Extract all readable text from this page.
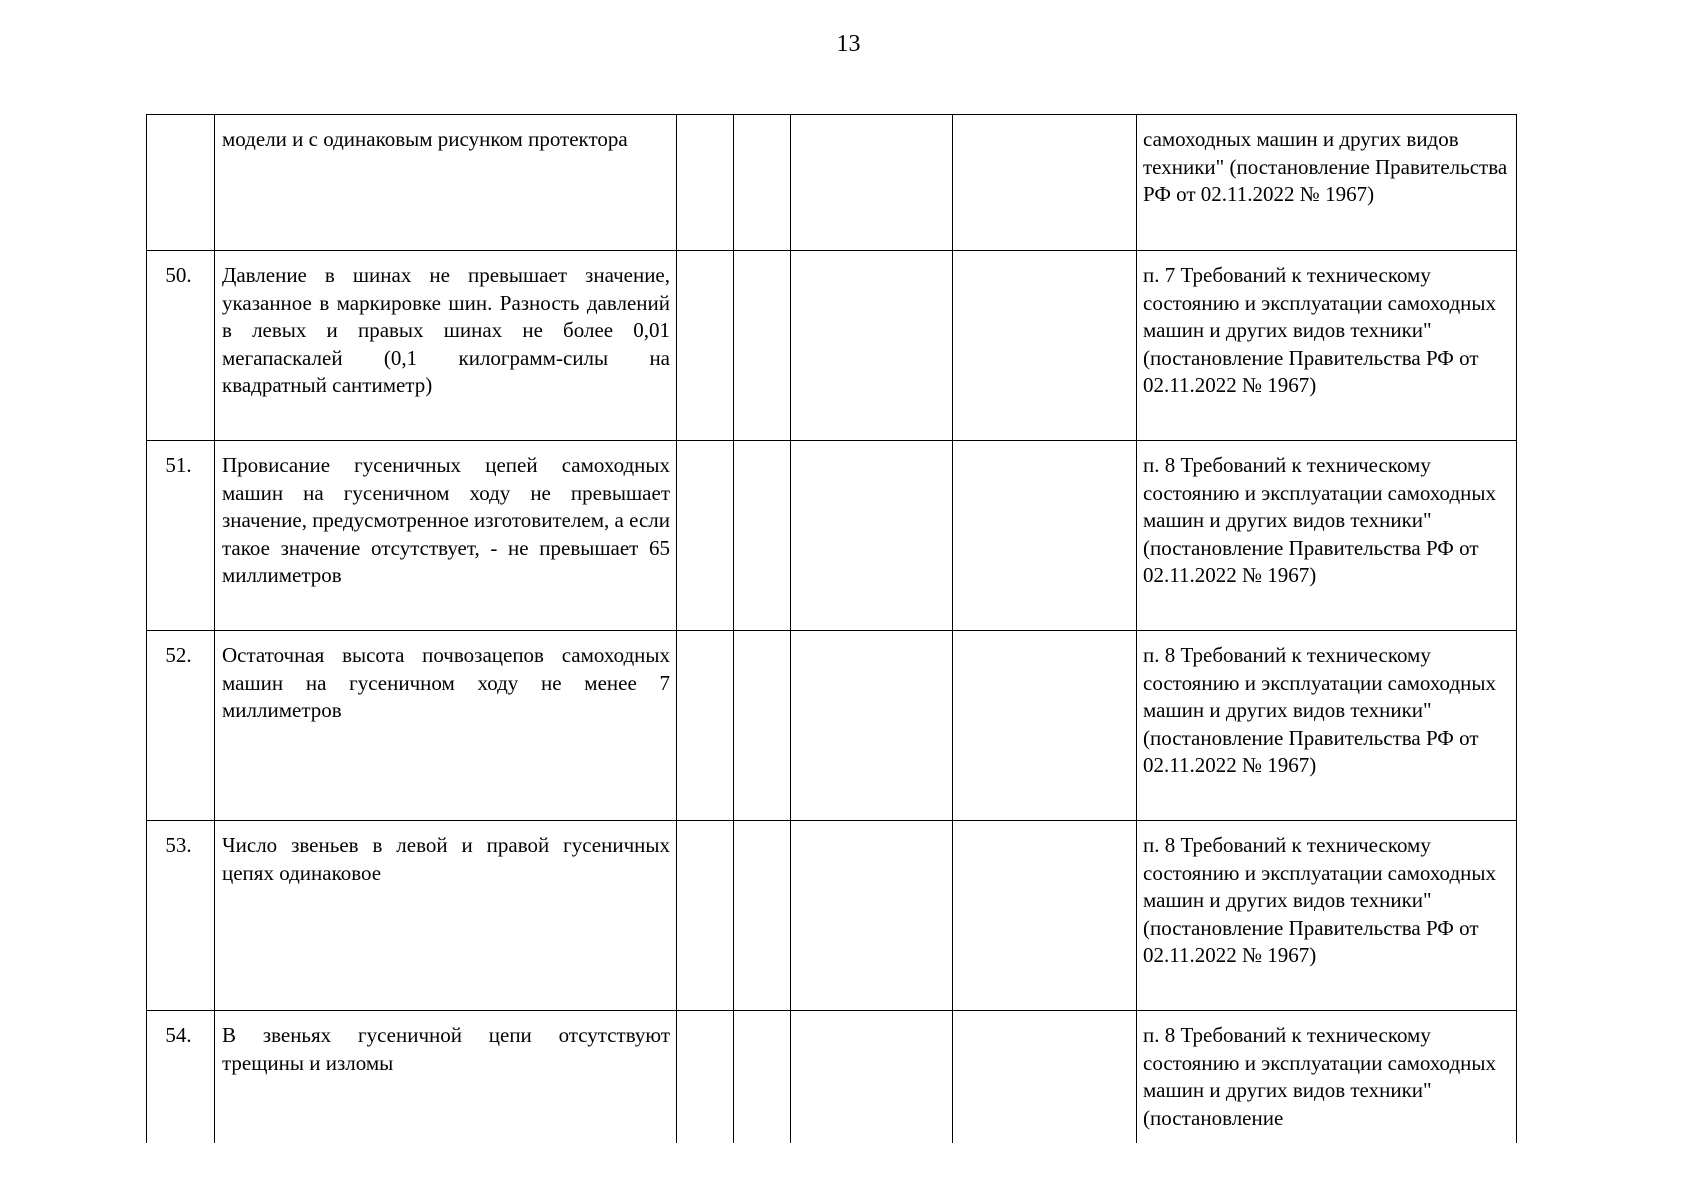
13
	модели и с одинаковым рисунком протектора					самоходных машин и других видов техники" (постановление Правительства РФ от 02.11.2022 № 1967)

50.	Давление в шинах не превышает значение, указанное в маркировке шин. Разность давлений в левых и правых шинах не более 0,01 мегапаскалей (0,1 килограмм-силы на квадратный сантиметр)					п. 7 Требований к техническому состоянию и эксплуатации самоходных машин и других видов техники" (постановление Правительства РФ от 02.11.2022 № 1967)

51.	Провисание гусеничных цепей самоходных машин на гусеничном ходу не превышает значение, предусмотренное изготовителем, а если такое значение отсутствует, - не превышает 65 миллиметров					п. 8 Требований к техническому состоянию и эксплуатации самоходных машин и других видов техники" (постановление Правительства РФ от 02.11.2022 № 1967)

52.	Остаточная высота почвозацепов самоходных машин на гусеничном ходу не менее 7 миллиметров					п. 8 Требований к техническому состоянию и эксплуатации самоходных машин и других видов техники" (постановление Правительства РФ от 02.11.2022 № 1967)

53.	Число звеньев в левой и правой гусеничных цепях одинаковое					п. 8 Требований к техническому состоянию и эксплуатации самоходных машин и других видов техники" (постановление Правительства РФ от 02.11.2022 № 1967)

54.	В звеньях гусеничной цепи отсутствуют трещины и изломы					п. 8 Требований к техническому состоянию и эксплуатации самоходных машин и других видов техники" (постановление
